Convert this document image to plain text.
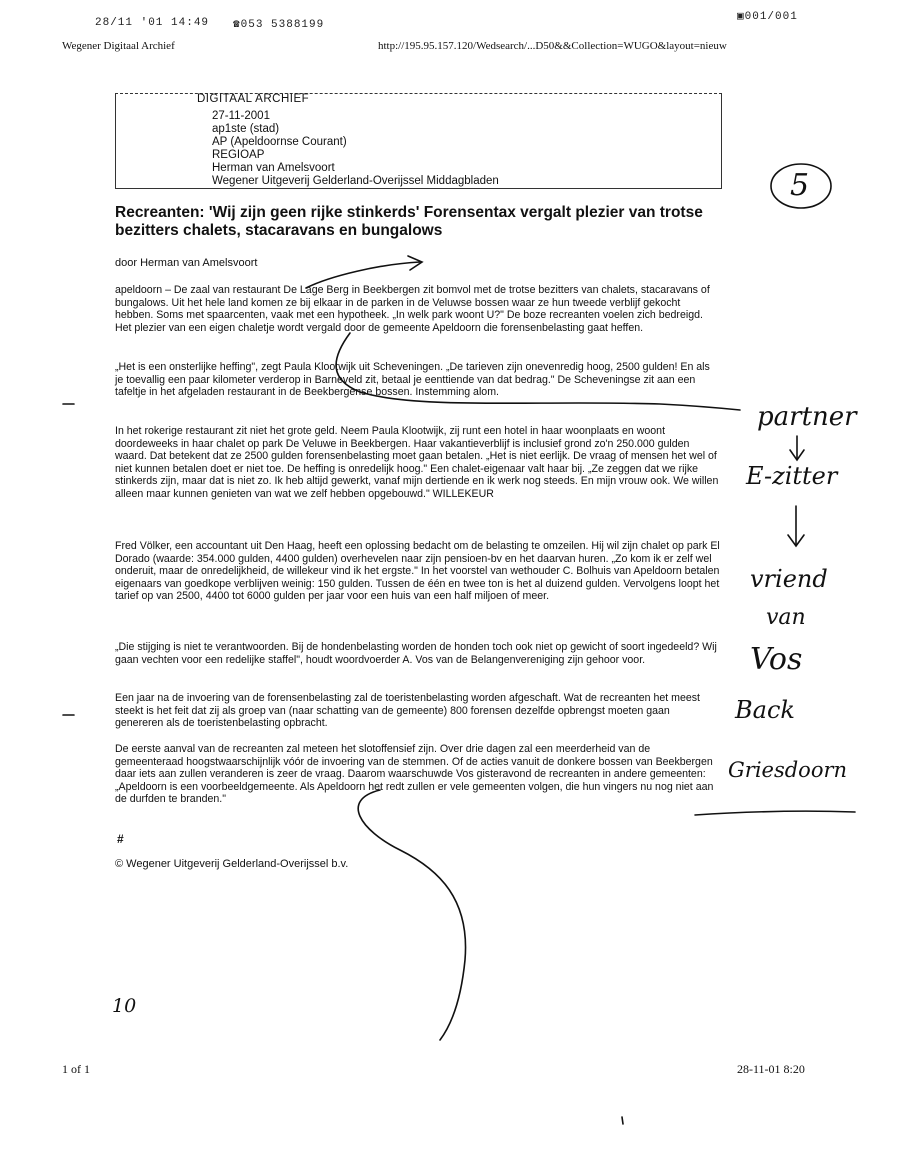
28/11 '01 14:49 ☎053 5388199
▣001/001
Wegener Digitaal Archief	http://195.95.157.120/Wedsearch/...D50&&Collection=WUGO&layout=nieuw
DIGITAAL ARCHIEF
27-11-2001
ap1ste (stad)
AP (Apeldoornse Courant)
REGIOAP
Herman van Amelsvoort
Wegener Uitgeverij Gelderland-Overijssel Middagbladen
Recreanten: 'Wij zijn geen rijke stinkerds' Forensentax vergalt plezier van trotse bezitters chalets, stacaravans en bungalows
door Herman van Amelsvoort
apeldoorn – De zaal van restaurant De Lage Berg in Beekbergen zit bomvol met de trotse bezitters van chalets, stacaravans of bungalows. Uit het hele land komen ze bij elkaar in de parken in de Veluwse bossen waar ze hun tweede verblijf gekocht hebben. Soms met spaarcenten, vaak met een hypotheek. „In welk park woont U?" De boze recreanten voelen zich bedreigd. Het plezier van een eigen chaletje wordt vergald door de gemeente Apeldoorn die forensenbelasting gaat heffen.
„Het is een onsterlijke heffing", zegt Paula Klootwijk uit Scheveningen. „De tarieven zijn onevenredig hoog, 2500 gulden! En als je toevallig een paar kilometer verderop in Barneveld zit, betaal je eenttiende van dat bedrag." De Scheveningse zit aan een tafeltje in het afgeladen restaurant in de Beekbergense bossen. Instemming alom.
In het rokerige restaurant zit niet het grote geld. Neem Paula Klootwijk, zij runt een hotel in haar woonplaats en woont doordeweeks in haar chalet op park De Veluwe in Beekbergen. Haar vakantieverblijf is inclusief grond zo'n 250.000 gulden waard. Dat betekent dat ze 2500 gulden forensenbelasting moet gaan betalen. „Het is niet eerlijk. De vraag of mensen het wel of niet kunnen betalen doet er niet toe. De heffing is onredelijk hoog." Een chalet-eigenaar valt haar bij. „Ze zeggen dat we rijke stinkerds zijn, maar dat is niet zo. Ik heb altijd gewerkt, vanaf mijn dertiende en ik werk nog steeds. En mijn vrouw ook. We willen alleen maar kunnen genieten van wat we zelf hebben opgebouwd." WILLEKEUR
Fred Völker, een accountant uit Den Haag, heeft een oplossing bedacht om de belasting te omzeilen. Hij wil zijn chalet op park El Dorado (waarde: 354.000 gulden, 4400 gulden) overhevelen naar zijn pensioen-bv en het daarvan huren. „Zo kom ik er zelf wel onderuit, maar de onredelijkheid, de willekeur vind ik het ergste." In het voorstel van wethouder C. Bolhuis van Apeldoorn betalen eigenaars van goedkope verblijven weinig: 150 gulden. Tussen de één en twee ton is het al duizend gulden. Vervolgens loopt het tarief op van 2500, 4400 tot 6000 gulden per jaar voor een huis van een half miljoen of meer.
„Die stijging is niet te verantwoorden. Bij de hondenbelasting worden de honden toch ook niet op gewicht of soort ingedeeld? Wij gaan vechten voor een redelijke staffel", houdt woordvoerder A. Vos van de Belangenvereniging zijn gehoor voor.
Een jaar na de invoering van de forensenbelasting zal de toeristenbelasting worden afgeschaft. Wat de recreanten het meest steekt is het feit dat zij als groep van (naar schatting van de gemeente) 800 forensen dezelfde opbrengst moeten gaan genereren als de toeristenbelasting opbracht.
De eerste aanval van de recreanten zal meteen het slotoffensief zijn. Over drie dagen zal een meerderheid van de gemeenteraad hoogstwaarschijnlijk vóór de invoering van de stemmen. Of de acties vanuit de donkere bossen van Beekbergen daar iets aan zullen veranderen is zeer de vraag. Daarom waarschuwde Vos gisteravond de recreanten in andere gemeenten: „Apeldoorn is een voorbeeldgemeente. Als Apeldoorn het redt zullen er vele gemeenten volgen, die hun vingers nu nog niet aan de durfden te branden."
#
© Wegener Uitgeverij Gelderland-Overijssel b.v.
5
partner
E-zitter
vriend
van
Vos
Back
Griesdoorn
10
1 of 1	28-11-01 8:20
